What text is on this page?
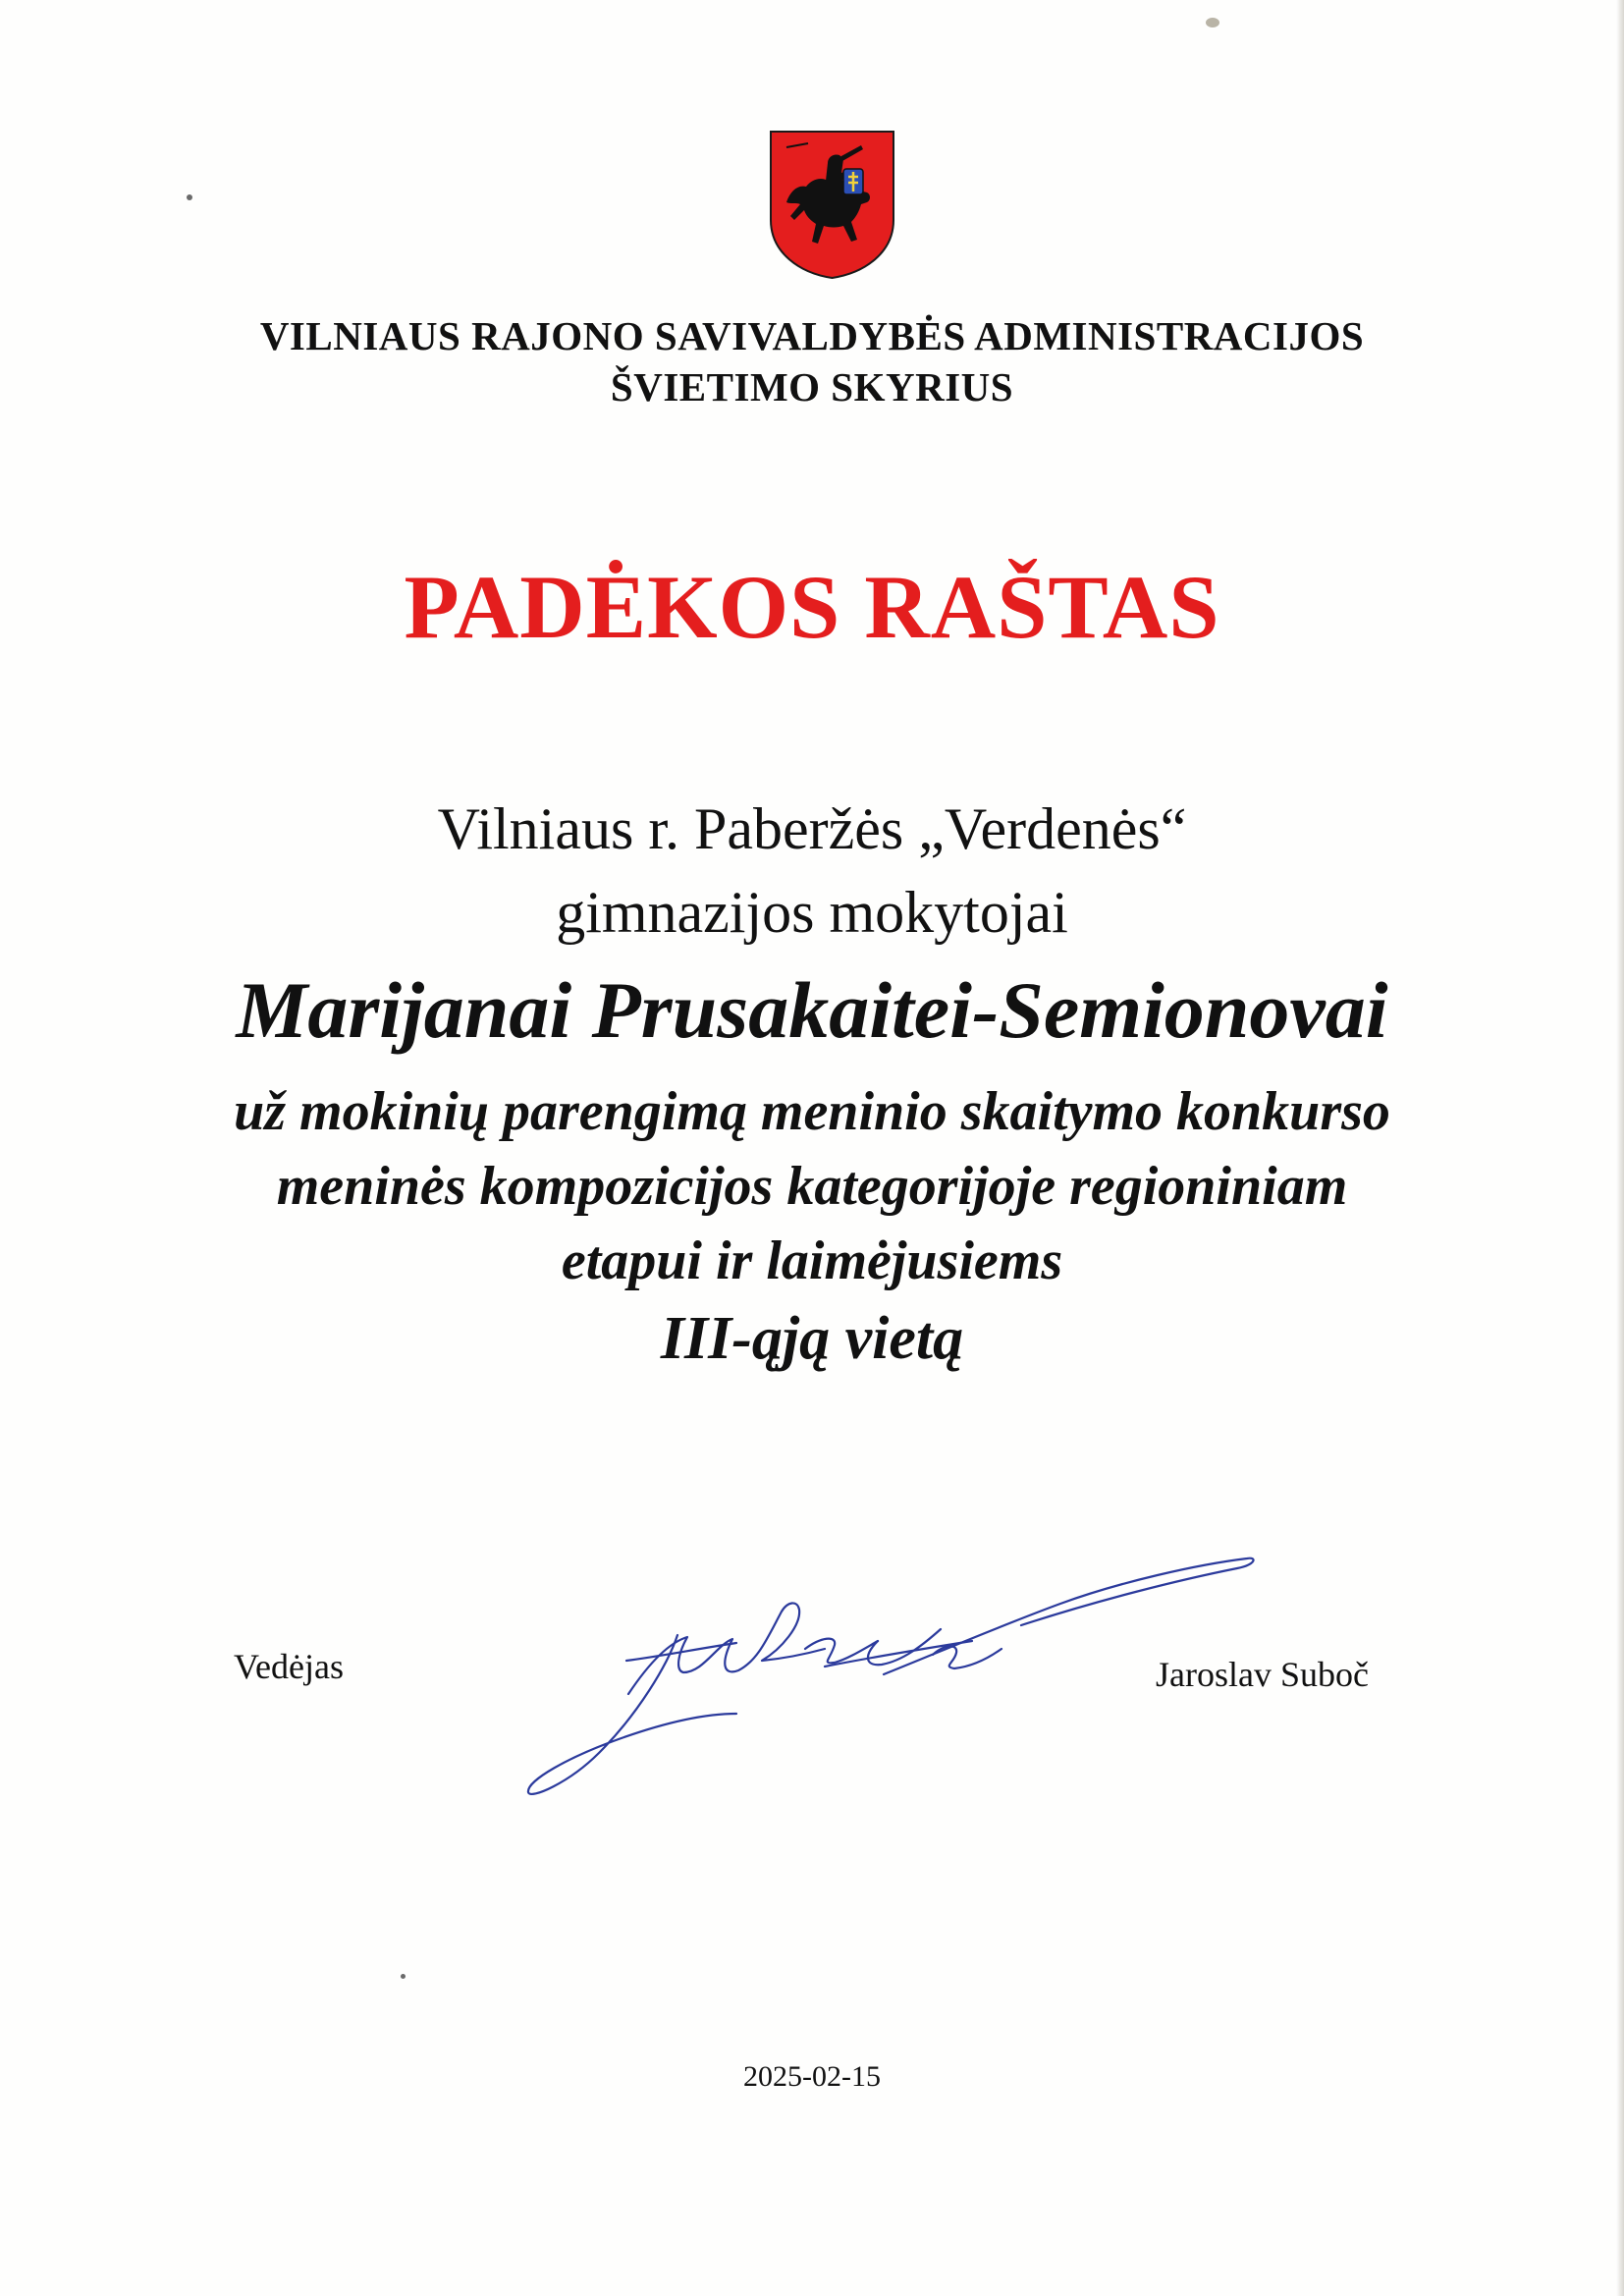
VILNIAUS RAJONO SAVIVALDYBĖS ADMINISTRACIJOS
ŠVIETIMO SKYRIUS
PADĖKOS RAŠTAS
Vilniaus r. Paberžės „Verdenės“
gimnazijos mokytojai
Marijanai Prusakaitei-Semionovai
už mokinių parengimą meninio skaitymo konkurso
meninės kompozicijos kategorijoje regioniniam
etapui ir laimėjusiems
III-ąją vietą
Vedėjas	Jaroslav Suboč
2025-02-15
